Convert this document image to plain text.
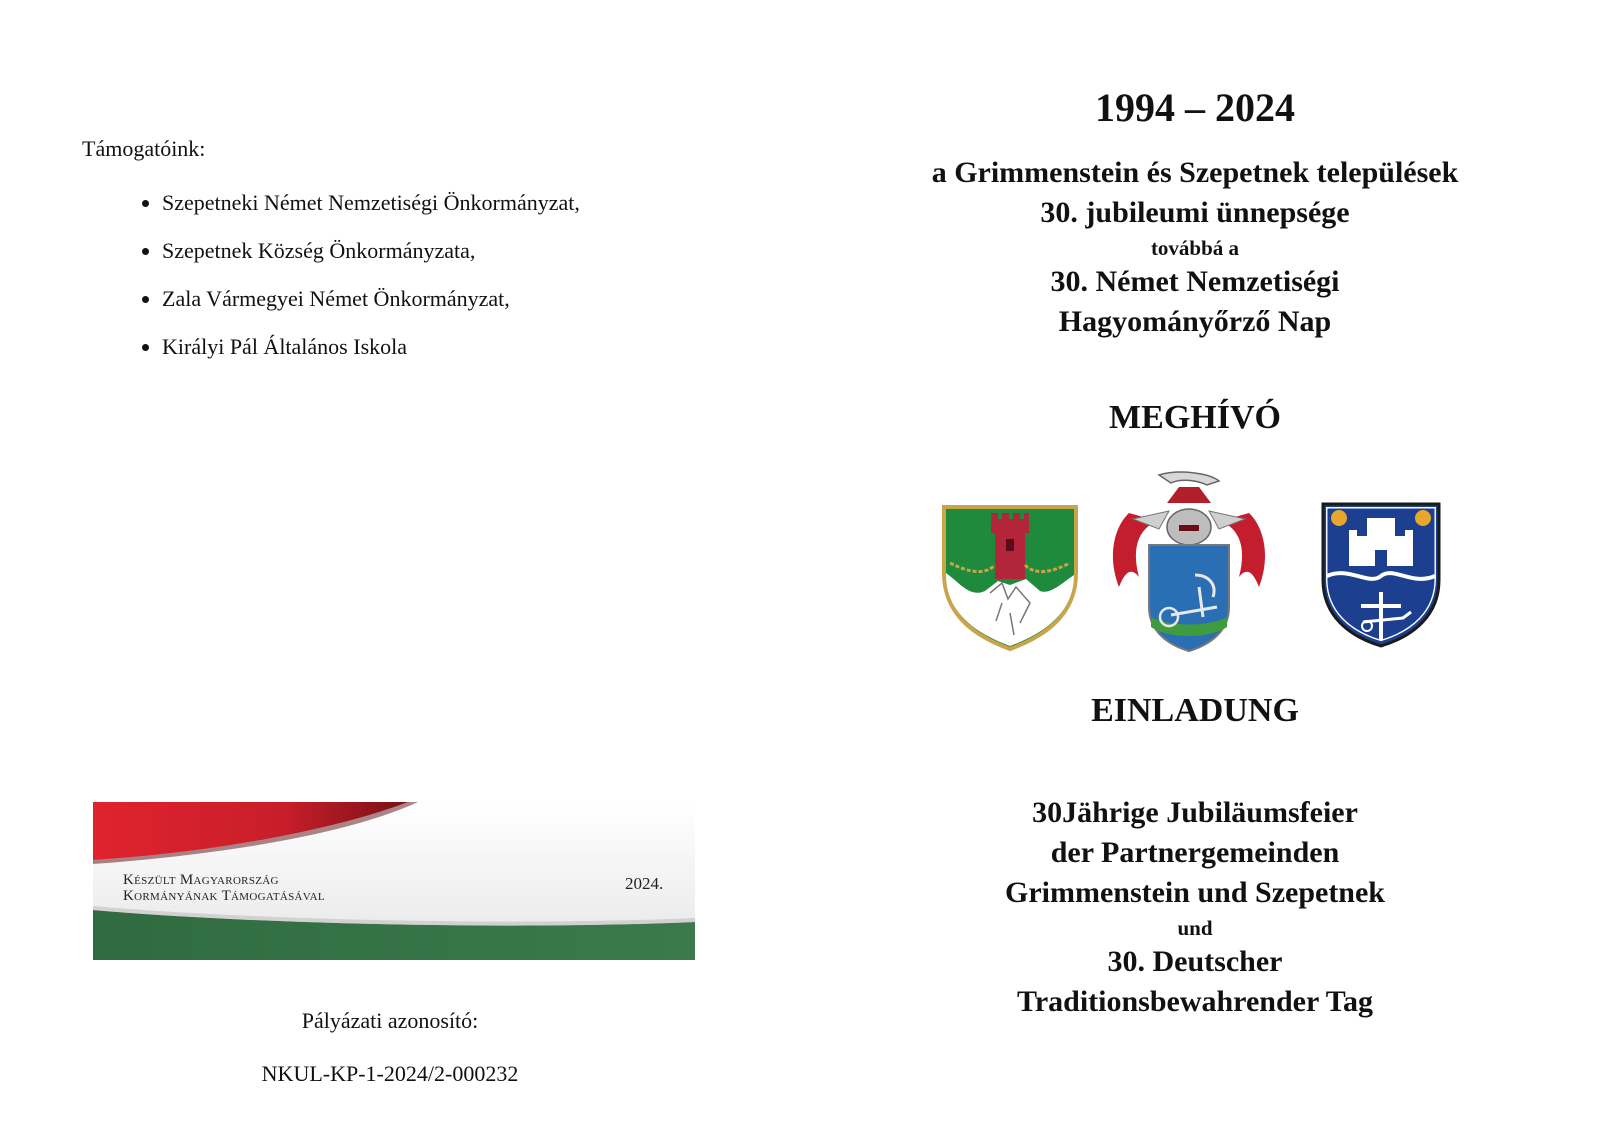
Támogatóink:

• Szepetneki Német Nemzetiségi Önkormányzat,
• Szepetnek Község Önkormányzata,
• Zala Vármegyei Német Önkormányzat,
• Királyi Pál Általános Iskola
Készült Magyarország
Kormányának Támogatásával
2024.

Pályázati azonosító:

NKUL-KP-1-2024/2-000232

1994 – 2024

a Grimmenstein és Szepetnek települések

30. jubileumi ünnepsége

továbbá a

30. Német Nemzetiségi

Hagyományőrző Nap

MEGHÍVÓ

EINLADUNG

30Jährige Jubiläumsfeier

der Partnergemeinden

Grimmenstein und Szepetnek

und

30. Deutscher

Traditionsbewahrender Tag
